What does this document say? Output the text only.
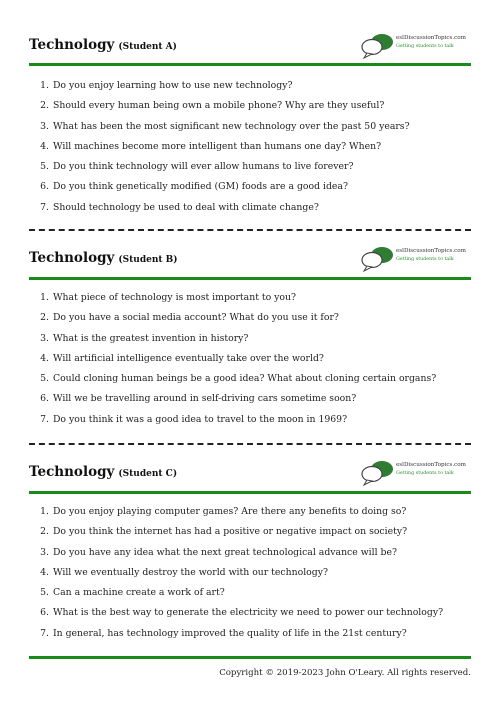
Technology (Student A)
eslDiscussionTopics.com
Getting students to talk
1. Do you enjoy learning how to use new technology?
2. Should every human being own a mobile phone? Why are they useful?
3. What has been the most significant new technology over the past 50 years?
4. Will machines become more intelligent than humans one day? When?
5. Do you think technology will ever allow humans to live forever?
6. Do you think genetically modified (GM) foods are a good idea?
7. Should technology be used to deal with climate change?
Technology (Student B)
eslDiscussionTopics.com
Getting students to talk
1. What piece of technology is most important to you?
2. Do you have a social media account? What do you use it for?
3. What is the greatest invention in history?
4. Will artificial intelligence eventually take over the world?
5. Could cloning human beings be a good idea? What about cloning certain organs?
6. Will we be travelling around in self-driving cars sometime soon?
7. Do you think it was a good idea to travel to the moon in 1969?
Technology (Student C)
eslDiscussionTopics.com
Getting students to talk
1. Do you enjoy playing computer games? Are there any benefits to doing so?
2. Do you think the internet has had a positive or negative impact on society?
3. Do you have any idea what the next great technological advance will be?
4. Will we eventually destroy the world with our technology?
5. Can a machine create a work of art?
6. What is the best way to generate the electricity we need to power our technology?
7. In general, has technology improved the quality of life in the 21st century?
Copyright © 2019-2023 John O'Leary. All rights reserved.
